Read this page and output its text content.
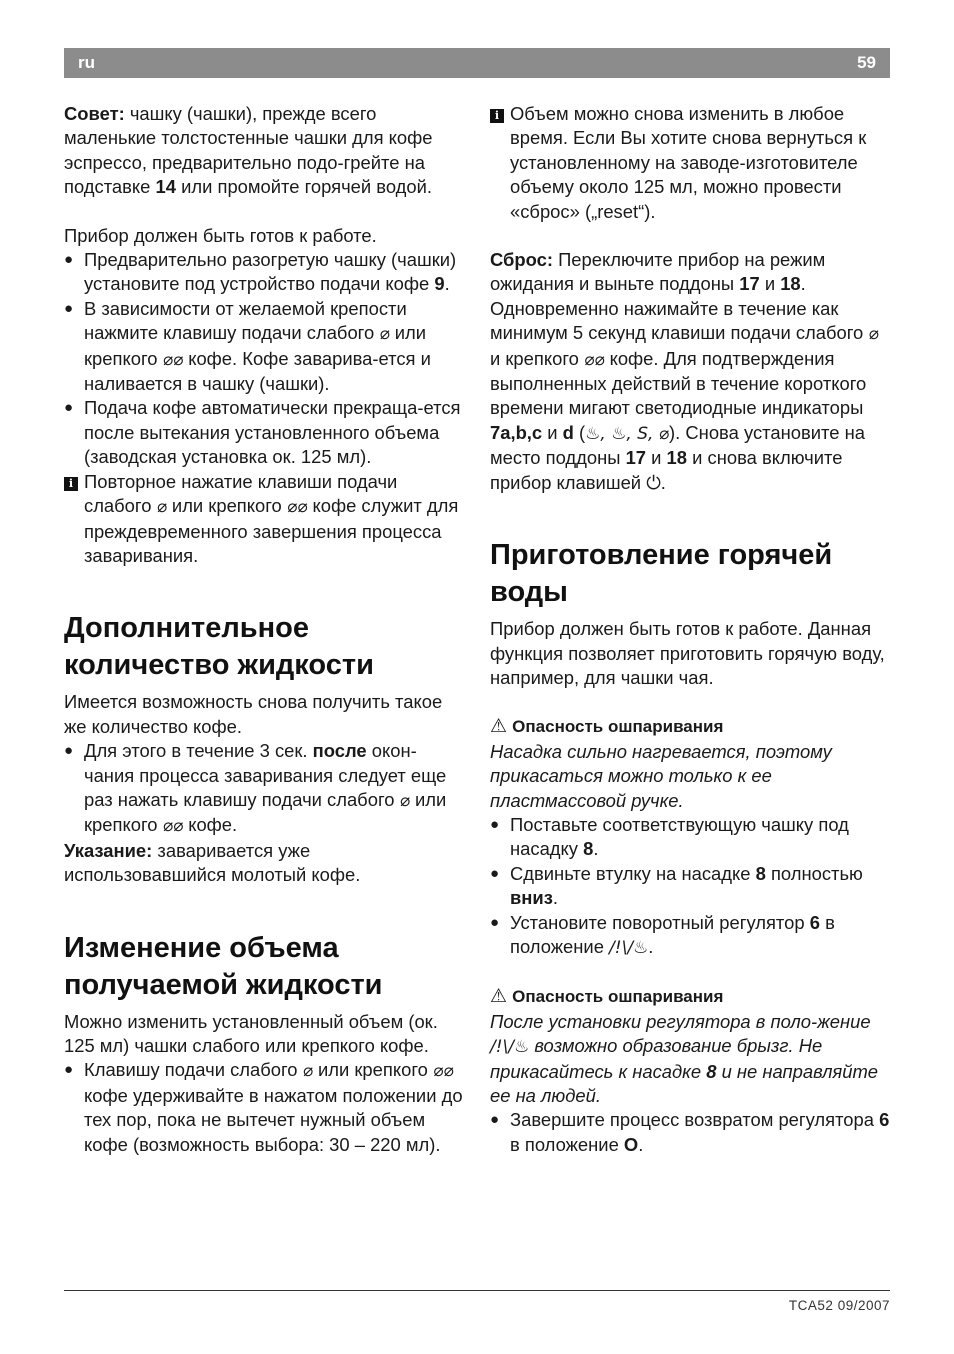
ru	59

Совет: чашку (чашки), прежде всего маленькие толстостенные чашки для кофе эспрессо, предварительно подо-грейте на подставке 14 или промойте горячей водой.

Прибор должен быть готов к работе.

● Предварительно разогретую чашку (чашки) установите под устройство подачи кофе 9.
● В зависимости от желаемой крепости нажмите клавишу подачи слабого ⌀ или крепкого ⌀⌀ кофе. Кофе заварива-ется и наливается в чашку (чашки).
● Подача кофе автоматически прекраща-ется после вытекания установленного объема (заводская установка ок. 125 мл).
i Повторное нажатие клавиши подачи слабого ⌀ или крепкого ⌀⌀ кофе служит для преждевременного завершения процесса заваривания.
Дополнительное количество жидкости

Имеется возможность снова получить такое же количество кофе.

● Для этого в течение 3 сек. после окон-чания процесса заваривания следует еще раз нажать клавишу подачи слабого ⌀ или крепкого ⌀⌀ кофе.

Указание: заваривается уже использовавшийся молотый кофе.

Изменение объема получаемой жидкости

Можно изменить установленный объем (ок. 125 мл) чашки слабого или крепкого кофе.

● Клавишу подачи слабого ⌀ или крепкого ⌀⌀ кофе удерживайте в нажатом положении до тех пор, пока не вытечет нужный объем кофе (возможность выбора: 30 – 220 мл).
i Объем можно снова изменить в любое время. Если Вы хотите снова вернуться к установленному на заводе-изготовителе объему около 125 мл, можно провести «сброс» („reset“).

Сброс: Переключите прибор на режим ожидания и выньте поддоны 17 и 18. Одновременно нажимайте в течение как минимум 5 секунд клавиши подачи слабого ⌀ и крепкого ⌀⌀ кофе. Для подтверждения выполненных действий в течение короткого времени мигают светодиодные индикаторы 7a,b,c и d (♨, ♨, S, ⌀). Снова установите на место поддоны 17 и 18 и снова включите прибор клавишей ⏻.

Приготовление горячей воды

Прибор должен быть готов к работе. Данная функция позволяет приготовить горячую воду, например, для чашки чая.

⚠ Опасность ошпаривания

Насадка сильно нагревается, поэтому прикасаться можно только к ее пластмассовой ручке.

● Поставьте соответствующую чашку под насадку 8.
● Сдвиньте втулку на насадке 8 полностью вниз.
● Установите поворотный регулятор 6 в положение /!\/♨.

⚠ Опасность ошпаривания

После установки регулятора в поло-жение /!\/♨ возможно образование брызг. Не прикасайтесь к насадке 8 и не направляйте ее на людей.

● Завершите процесс возвратом регулятора 6 в положение O.
TCA52 09/2007
